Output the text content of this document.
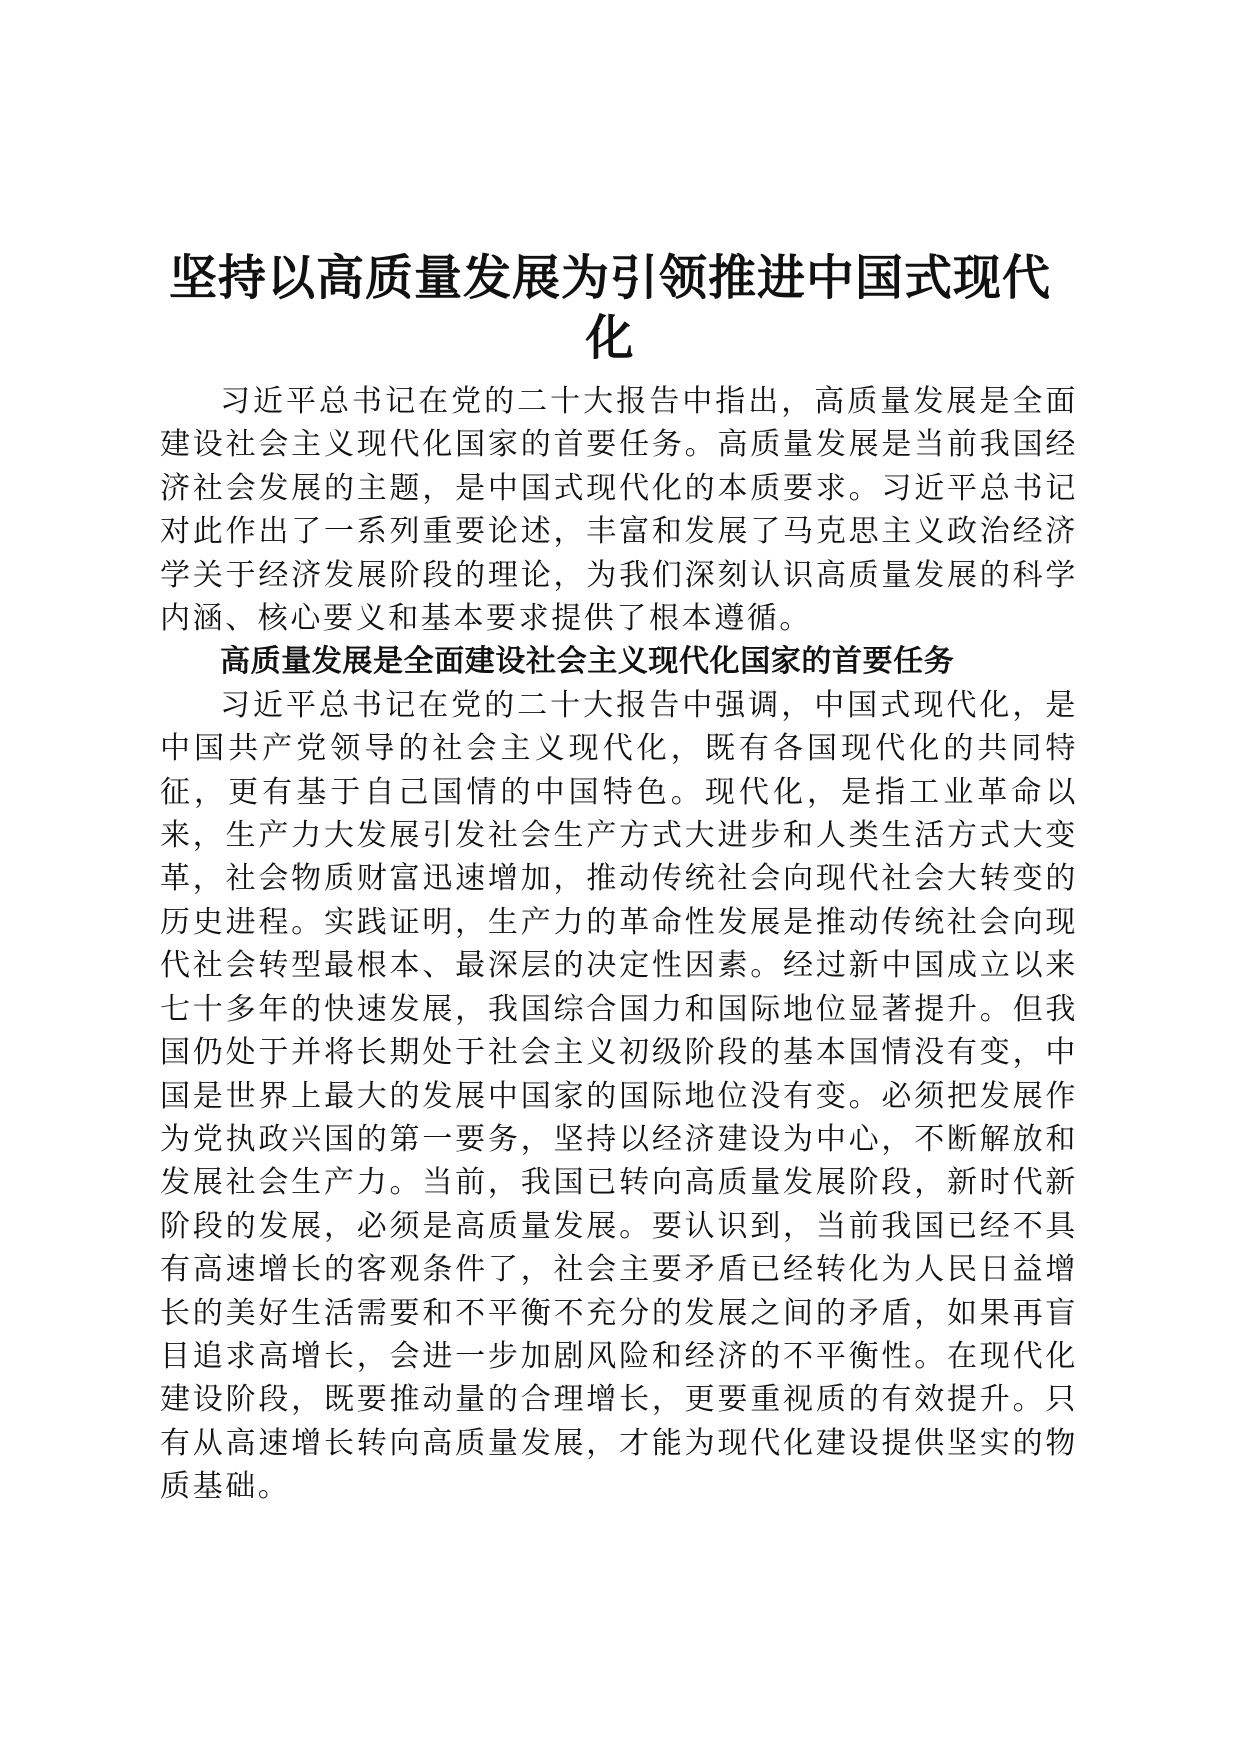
坚持以高质量发展为引领推进中国式现代化

习近平总书记在党的二十大报告中指出，高质量发展是全面建设社会主义现代化国家的首要任务。高质量发展是当前我国经济社会发展的主题，是中国式现代化的本质要求。习近平总书记对此作出了一系列重要论述，丰富和发展了马克思主义政治经济学关于经济发展阶段的理论，为我们深刻认识高质量发展的科学内涵、核心要义和基本要求提供了根本遵循。

高质量发展是全面建设社会主义现代化国家的首要任务

习近平总书记在党的二十大报告中强调，中国式现代化，是中国共产党领导的社会主义现代化，既有各国现代化的共同特征，更有基于自己国情的中国特色。现代化，是指工业革命以来，生产力大发展引发社会生产方式大进步和人类生活方式大变革，社会物质财富迅速增加，推动传统社会向现代社会大转变的历史进程。实践证明，生产力的革命性发展是推动传统社会向现代社会转型最根本、最深层的决定性因素。经过新中国成立以来七十多年的快速发展，我国综合国力和国际地位显著提升。但我国仍处于并将长期处于社会主义初级阶段的基本国情没有变，中国是世界上最大的发展中国家的国际地位没有变。必须把发展作为党执政兴国的第一要务，坚持以经济建设为中心，不断解放和发展社会生产力。当前，我国已转向高质量发展阶段，新时代新阶段的发展，必须是高质量发展。要认识到，当前我国已经不具有高速增长的客观条件了，社会主要矛盾已经转化为人民日益增长的美好生活需要和不平衡不充分的发展之间的矛盾，如果再盲目追求高增长，会进一步加剧风险和经济的不平衡性。在现代化建设阶段，既要推动量的合理增长，更要重视质的有效提升。只有从高速增长转向高质量发展，才能为现代化建设提供坚实的物质基础。
